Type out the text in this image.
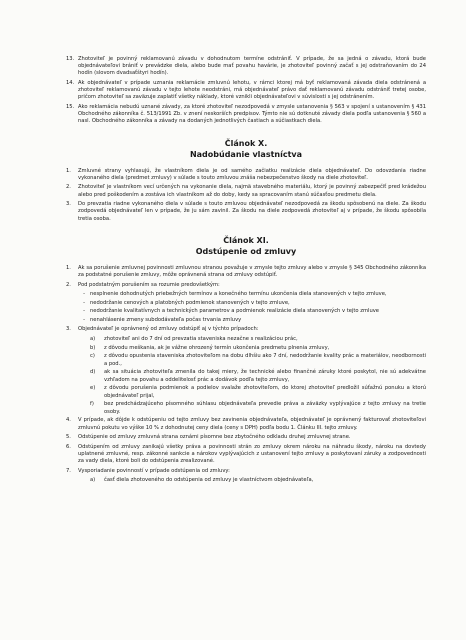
13. Zhotoviteľ je povinný reklamovanú závadu v dohodnutom termíne odstrániť. V prípade, že sa jedná o závadu, ktorá bude objednávateľovi brániť v prevádzke diela, alebo bude mať povahu havárie, je zhotoviteľ povinný začať s jej odstraňovaním do 24 hodín (slovom dvadsaťštyri hodín).
14. Ak objednávateľ v prípade uznania reklamácie zmluvnú lehotu, v rámci ktorej má byť reklamovaná závada diela odstránená a zhotoviteľ reklamovanú závadu v tejto lehote neodstráni, má objednávateľ právo dať reklamovanú závadu odstrániť tretej osobe, pričom zhotoviteľ sa zaväzuje zaplatiť všetky náklady, ktoré vznikli objednávateľovi v súvislosti s jej odstránením.
15. Ako reklamácia nebudú uznané závady, za ktoré zhotoviteľ nezodpovedá v zmysle ustanovenia § 563 v spojení s ustanovením § 431 Obchodného zákonníka č. 513/1991 Zb. v znení neskorších predpisov. Týmto nie sú dotknuté závady diela podľa ustanovenia § 560 a nasl. Obchodného zákonníka a závady na dodaných jednotlivých častiach a súčiastkach diela.
Článok X.
Nadobúdanie vlastníctva
1.	Zmluvné strany vyhlasujú, že vlastníkom diela je od samého začiatku realizácie diela objednávateľ. Do odovzdania riadne vykonaného diela (predmet zmluvy) v súlade s touto zmluvou znáša nebezpečenstvo škody na diele zhotoviteľ.
2.	Zhotoviteľ je vlastníkom vecí určených na vykonanie diela, najmä stavebného materiálu, ktorý je povinný zabezpečiť pred krádežou alebo pred poškodením a zostáva ich vlastníkom až do doby, kedy sa spracovaním stanú súčasťou predmetu diela.
3.	Do prevzatia riadne vykonaného diela v súlade s touto zmluvou objednávateľ nezodpovedá za škodu spôsobenú na diele. Za škodu zodpovedá objednávateľ len v prípade, že ju sám zavinil. Za škodu na diele zodpovedá zhotoviteľ aj v prípade, že škodu spôsobila tretia osoba.
Článok XI.
Odstúpenie od zmluvy
1.	Ak sa porušenie zmluvnej povinnosti zmluvnou stranou považuje v zmysle tejto zmluvy alebo v zmysle § 345 Obchodného zákonníka za podstatné porušenie zmluvy, môže oprávnená strana od zmluvy odstúpiť.
2.	Pod podstatným porušením sa rozumie predovšetkým:
- nesplnenie dohodnutých priebežných termínov a konečného termínu ukončenia diela stanovených v tejto zmluve,
- nedodržanie cenových a platobných podmienok stanovených v tejto zmluve,
- nedodržanie kvalitatívnych a technických parametrov a podmienok realizácie diela stanovených v tejto zmluve
- nenahlásenie zmeny subdodávateľa počas trvania zmluvy
3.	Objednávateľ je oprávnený od zmluvy odstúpiť aj v týchto prípadoch:
a)	zhotoviteľ ani do 7 dní od prevzatia staveniska nezačne s realizáciou prác,
b)	z dôvodu meškania, ak je vážne ohrozený termín ukončenia predmetu plnenia zmluvy,
c)	z dôvodu opustenia staveniska zhotoviteľom na dobu dlhšiu ako 7 dní, nedodržanie kvality prác a materiálov, neodbornosti a pod.,
d)	ak sa situácia zhotoviteľa zmenila do takej miery, že technické alebo finančné záruky ktoré poskytol, nie sú adekvátne vzhľadom na povahu a oddelitelosť prác a dodávok podľa tejto zmluvy,
e)	z dôvodu porušenia podmienok a podielov svalaže zhotoviteľom, do ktorej zhotoviteľ predložil súťažnú ponuku a ktorú objednávateľ prijal,
f)	bez predchádzajúceho písomného súhlasu objednávateľa prevedie práva a záväzky vyplývajúce z tejto zmluvy na tretie osoby.
4.	V prípade, ak dôjde k odstúpeniu od tejto zmluvy bez zavinenia objednávateľa, objednávateľ je oprávnený fakturovať zhotoviteľovi zmluvnú pokutu vo výške 10 % z dohodnutej ceny diela (ceny s DPH) podľa bodu 1. Článku III. tejto zmluvy.
5.	Odstúpenie od zmluvy zmluvná strana oznámi písomne bez zbytočného odkladu druhej zmluvnej strane.
6.	Odstúpením od zmluvy zanikajú všetky práva a povinnosti strán zo zmluvy okrem nároku na náhradu škody, nároku na dovtedy uplatnené zmluvné, resp. zákonné sankcie a nárokov vyplývajúcich z ustanovení tejto zmluvy a poskytovaní záruky a zodpovednosti za vady diela, ktoré boli do odstúpenia zrealizované.
7.	Vysporiadanie povinností v prípade odstúpenia od zmluvy:
a)	časť diela zhotoveného do odstúpenia od zmluvy je vlastníctvom objednávateľa,
